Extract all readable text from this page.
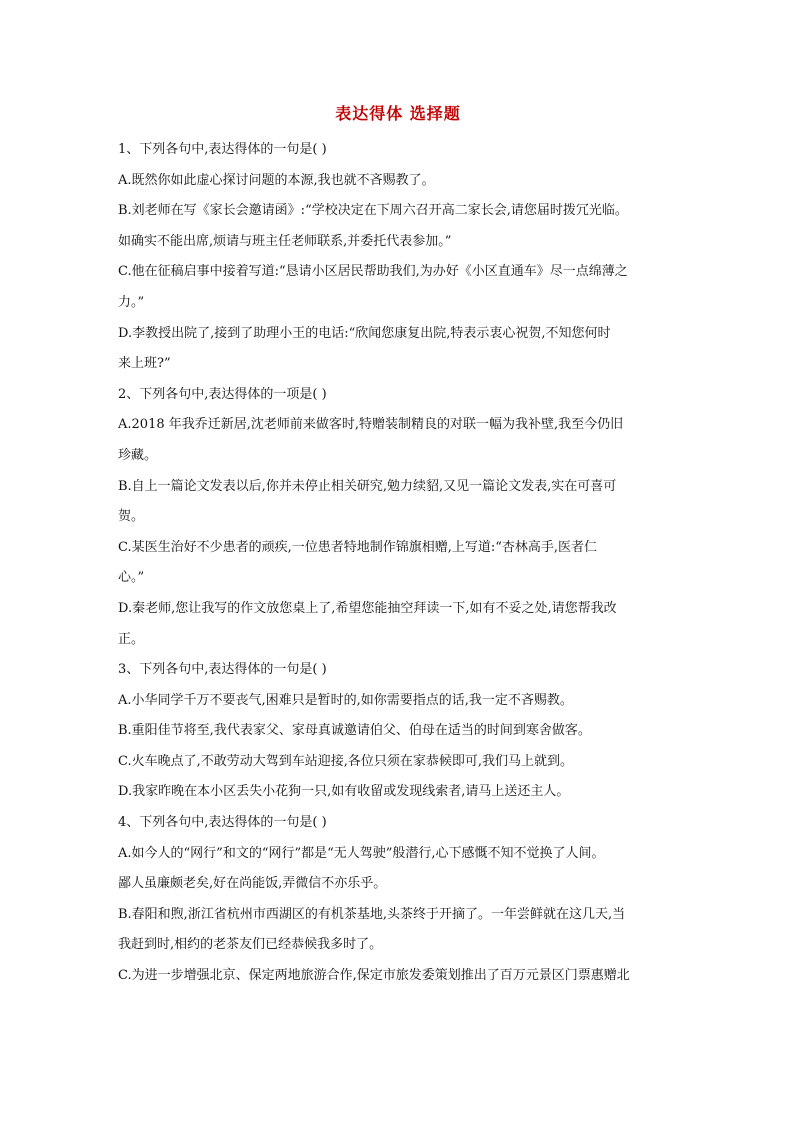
表达得体 选择题
1、下列各句中,表达得体的一句是( )
A.既然你如此虚心探讨问题的本源,我也就不吝赐教了。
B.刘老师在写《家长会邀请函》:“学校决定在下周六召开高二家长会,请您届时拨冗光临。
如确实不能出席,烦请与班主任老师联系,并委托代表参加。”
C.他在征稿启事中接着写道:“恳请小区居民帮助我们,为办好《小区直通车》尽一点绵薄之
力。”
D.李教授出院了,接到了助理小王的电话:“欣闻您康复出院,特表示衷心祝贺,不知您何时
来上班?”
2、下列各句中,表达得体的一项是( )
A.2018 年我乔迁新居,沈老师前来做客时,特赠装制精良的对联一幅为我补壁,我至今仍旧
珍藏。
B.自上一篇论文发表以后,你并未停止相关研究,勉力续貂,又见一篇论文发表,实在可喜可
贺。
C.某医生治好不少患者的顽疾,一位患者特地制作锦旗相赠,上写道:“杏林高手,医者仁
心。”
D.秦老师,您让我写的作文放您桌上了,希望您能抽空拜读一下,如有不妥之处,请您帮我改
正。
3、下列各句中,表达得体的一句是( )
A.小华同学千万不要丧气,困难只是暂时的,如你需要指点的话,我一定不吝赐教。
B.重阳佳节将至,我代表家父、家母真诚邀请伯父、伯母在适当的时间到寒舍做客。
C.火车晚点了,不敢劳动大驾到车站迎接,各位只须在家恭候即可,我们马上就到。
D.我家昨晚在本小区丢失小花狗一只,如有收留或发现线索者,请马上送还主人。
4、下列各句中,表达得体的一句是( )
A.如今人的“网行”和文的“网行”都是“无人驾驶”般潜行,心下感慨不知不觉换了人间。
鄙人虽廉颇老矣,好在尚能饭,弄微信不亦乐乎。
B.春阳和煦,浙江省杭州市西湖区的有机茶基地,头茶终于开摘了。一年尝鲜就在这几天,当
我赶到时,相约的老茶友们已经恭候我多时了。
C.为进一步增强北京、保定两地旅游合作,保定市旅发委策划推出了百万元景区门票惠赠北
